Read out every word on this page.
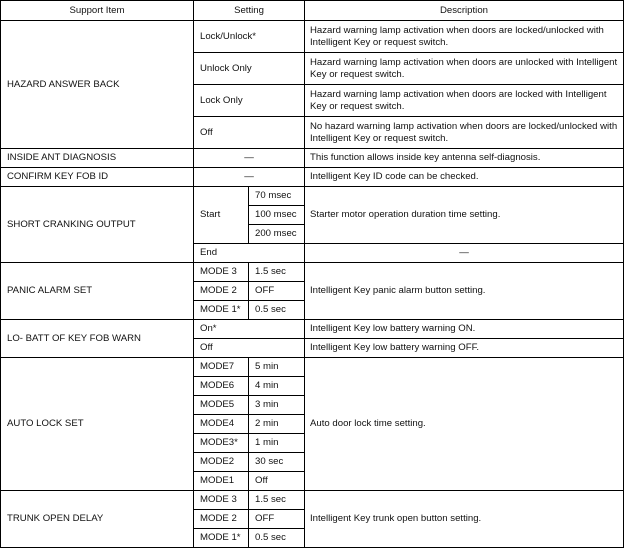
Support Item	Setting		Description
HAZARD ANSWER BACK	Lock/Unlock*		Hazard warning lamp activation when doors are locked/unlocked with Intelligent Key or request switch.
	Unlock Only		Hazard warning lamp activation when doors are unlocked with Intelligent Key or request switch.
	Lock Only		Hazard warning lamp activation when doors are locked with Intelligent Key or request switch.
	Off		No hazard warning lamp activation when doors are locked/unlocked with Intelligent Key or request switch.
INSIDE ANT DIAGNOSIS	—		This function allows inside key antenna self-diagnosis.
CONFIRM KEY FOB ID	—		Intelligent Key ID code can be checked.
SHORT CRANKING OUTPUT	Start	70 msec	Starter motor operation duration time setting.
		100 msec	
		200 msec	
	End		—
PANIC ALARM SET	MODE 3	1.5 sec	Intelligent Key panic alarm button setting.
	MODE 2	OFF	
	MODE 1*	0.5 sec	
LO- BATT OF KEY FOB WARN	On*		Intelligent Key low battery warning ON.
	Off		Intelligent Key low battery warning OFF.
AUTO LOCK SET	MODE7	5 min	Auto door lock time setting.
	MODE6	4 min	
	MODE5	3 min	
	MODE4	2 min	
	MODE3*	1 min	
	MODE2	30 sec	
	MODE1	Off	
TRUNK OPEN DELAY	MODE 3	1.5 sec	Intelligent Key trunk open button setting.
	MODE 2	OFF	
	MODE 1*	0.5 sec	
